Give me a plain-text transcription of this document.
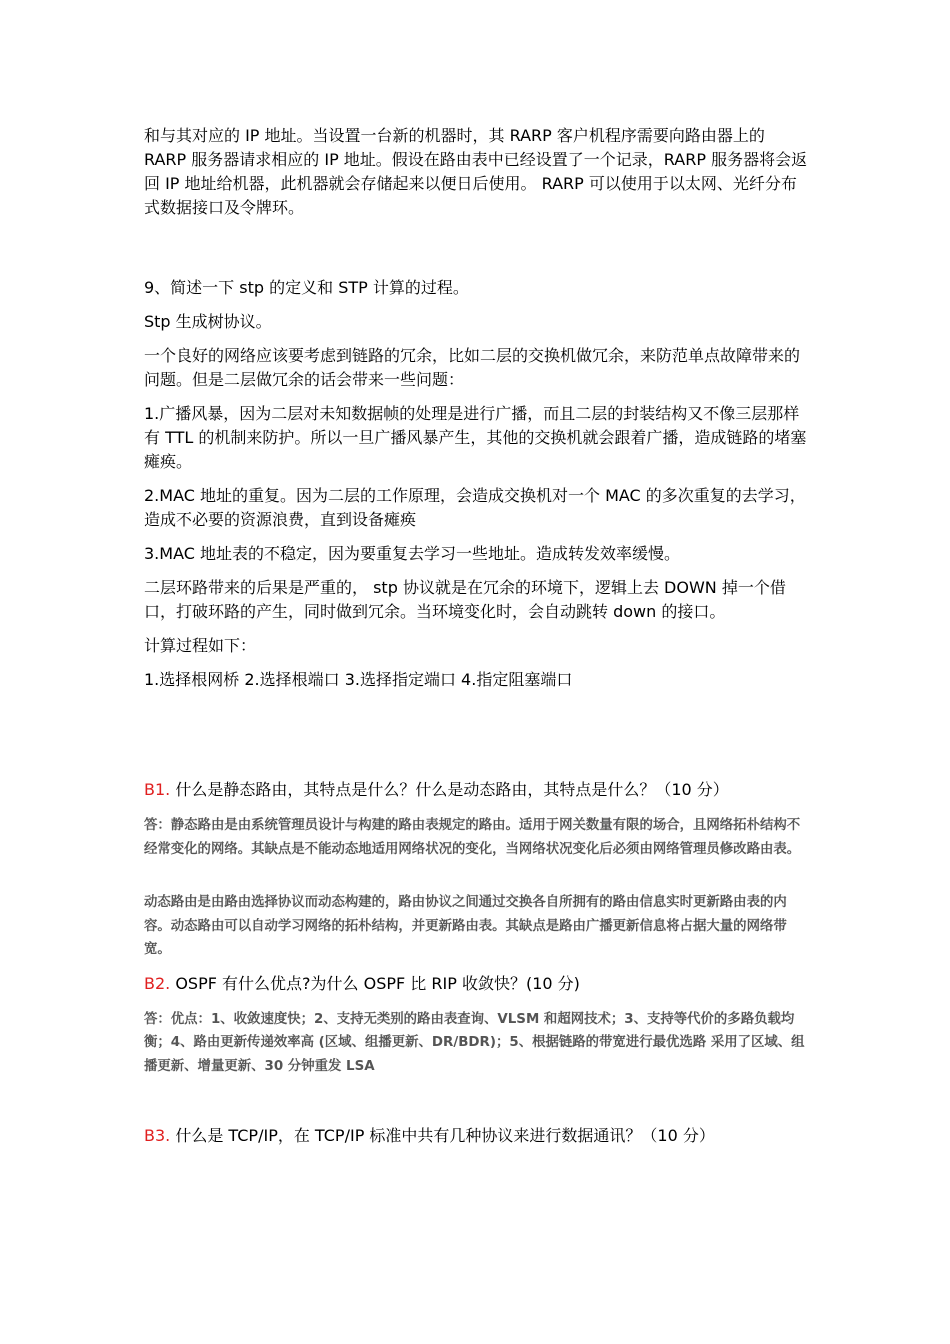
和与其对应的 IP 地址。当设置一台新的机器时，其 RARP 客户机程序需要向路由器上的 RARP 服务器请求相应的 IP 地址。假设在路由表中已经设置了一个记录，RARP 服务器将会返回 IP 地址给机器，此机器就会存储起来以便日后使用。 RARP 可以使用于以太网、光纤分布式数据接口及令牌环。

9、简述一下 stp 的定义和 STP 计算的过程。

Stp 生成树协议。

一个良好的网络应该要考虑到链路的冗余，比如二层的交换机做冗余，来防范单点故障带来的问题。但是二层做冗余的话会带来一些问题：

1.广播风暴，因为二层对未知数据帧的处理是进行广播，而且二层的封装结构又不像三层那样有 TTL 的机制来防护。所以一旦广播风暴产生，其他的交换机就会跟着广播，造成链路的堵塞瘫痪。

2.MAC 地址的重复。因为二层的工作原理，会造成交换机对一个 MAC 的多次重复的去学习，造成不必要的资源浪费，直到设备瘫痪

3.MAC 地址表的不稳定，因为要重复去学习一些地址。造成转发效率缓慢。

二层环路带来的后果是严重的， stp 协议就是在冗余的环境下，逻辑上去 DOWN 掉一个借口，打破环路的产生，同时做到冗余。当环境变化时，会自动跳转 down 的接口。

计算过程如下：

1.选择根网桥 2.选择根端口 3.选择指定端口 4.指定阻塞端口

B1. 什么是静态路由，其特点是什么？什么是动态路由，其特点是什么？（10 分）

答：静态路由是由系统管理员设计与构建的路由表规定的路由。适用于网关数量有限的场合，且网络拓朴结构不经常变化的网络。其缺点是不能动态地适用网络状况的变化，当网络状况变化后必须由网络管理员修改路由表。

动态路由是由路由选择协议而动态构建的，路由协议之间通过交换各自所拥有的路由信息实时更新路由表的内容。动态路由可以自动学习网络的拓朴结构，并更新路由表。其缺点是路由广播更新信息将占据大量的网络带宽。

B2. OSPF 有什么优点?为什么 OSPF 比 RIP 收敛快？(10 分)

答：优点：1、收敛速度快；2、支持无类别的路由表查询、VLSM 和超网技术；3、支持等代价的多路负载均衡；4、路由更新传递效率高 (区域、组播更新、DR/BDR)；5、根据链路的带宽进行最优选路 采用了区域、组播更新、增量更新、30 分钟重发 LSA

B3. 什么是 TCP/IP，在 TCP/IP 标准中共有几种协议来进行数据通讯？（10 分）
